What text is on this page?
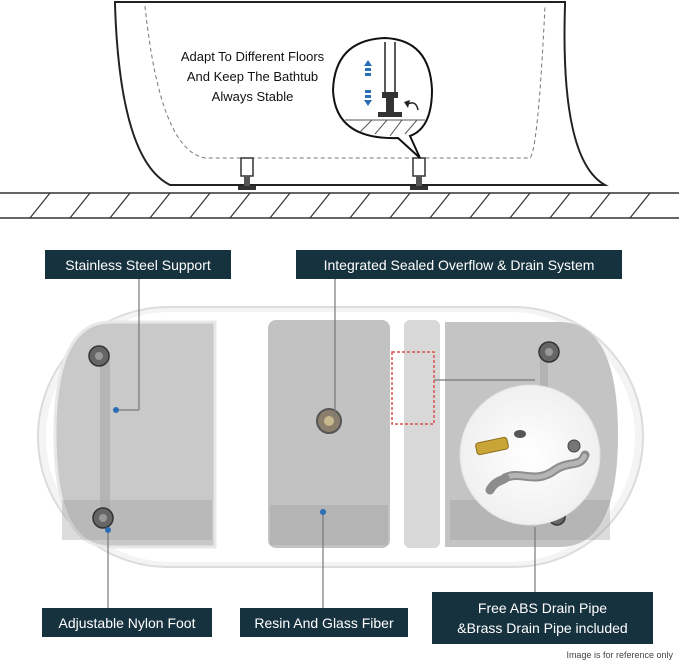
Adapt To Different Floors
And Keep The Bathtub
Always Stable
Stainless Steel Support	Integrated Sealed Overflow & Drain System
Adjustable Nylon Foot	Resin And Glass Fiber
Free ABS Drain Pipe
&Brass Drain Pipe included
Image is for reference only
